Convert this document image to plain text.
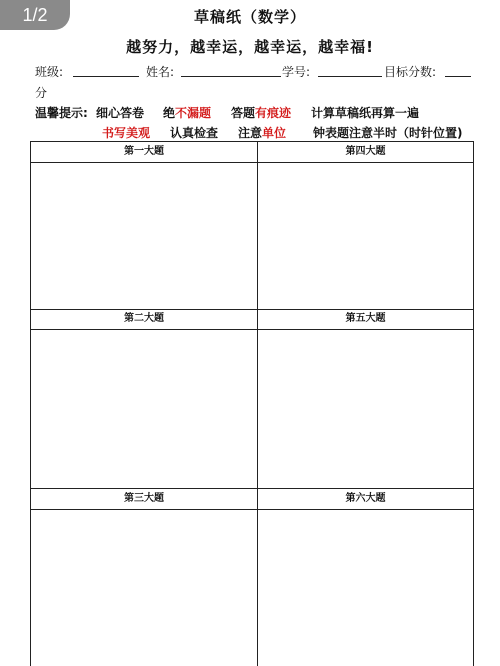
1/2	草稿纸（数学）
越努力，越幸运，越幸运，越幸福!
班级:	姓名:	学号:	目标分数:
分
温馨提示: 细心答卷 绝不漏题 答题有痕迹 计算草稿纸再算一遍
书写美观 认真检查 注意单位 钟表题注意半时（时针位置)
第一大题	第四大题
第二大题	第五大题
第三大题	第六大题
